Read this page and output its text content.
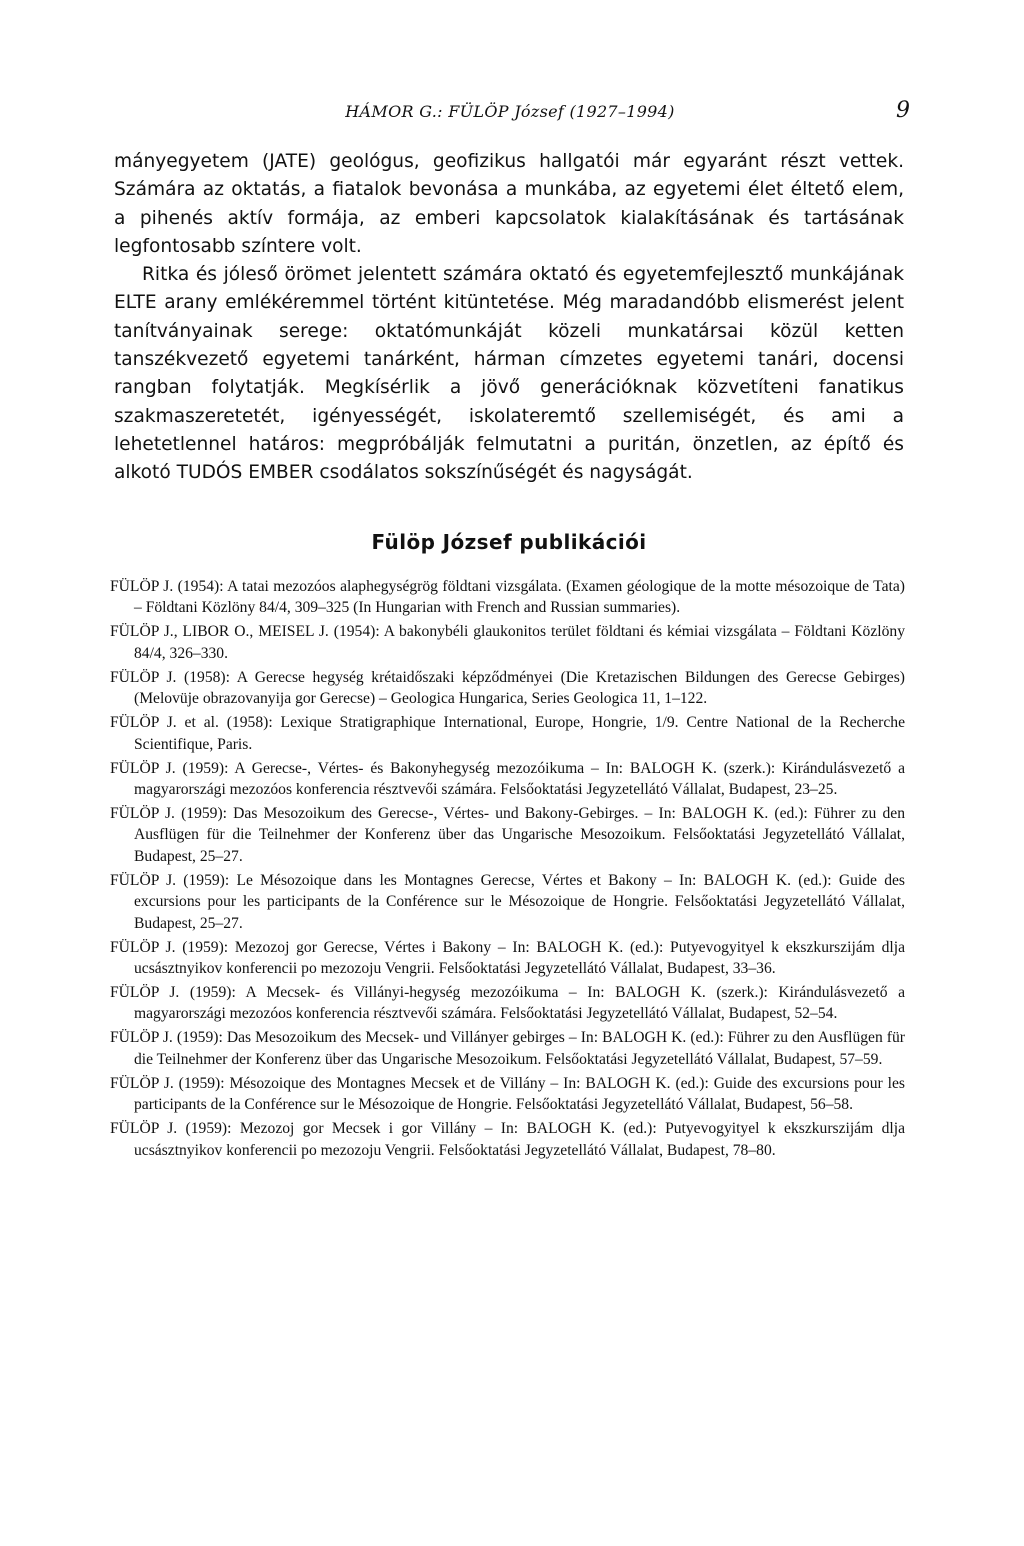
HÁMOR G.: FÜLÖP József (1927–1994)	9

mányegyetem (JATE) geológus, geofizikus hallgatói már egyaránt részt vettek. Számára az oktatás, a fiatalok bevonása a munkába, az egyetemi élet éltető elem, a pihenés aktív formája, az emberi kapcsolatok kialakításának és tartásának legfontosabb színtere volt.

Ritka és jóleső örömet jelentett számára oktató és egyetemfejlesztő munkájának ELTE arany emlékéremmel történt kitüntetése. Még maradandóbb elismerést jelent tanítványainak serege: oktatómunkáját közeli munkatársai közül ketten tanszékvezető egyetemi tanárként, hárman címzetes egyetemi tanári, docensi rangban folytatják. Megkísérlik a jövő generációknak közvetíteni fanatikus szakmaszeretetét, igényességét, iskolateremtő szellemiségét, és ami a lehetetlennel határos: megpróbálják felmutatni a puritán, önzetlen, az építő és alkotó TUDÓS EMBER csodálatos sokszínűségét és nagyságát.

Fülöp József publikációi

FÜLÖP J. (1954): A tatai mezozóos alaphegységrög földtani vizsgálata. (Examen géologique de la motte mésozoique de Tata) – Földtani Közlöny 84/4, 309–325 (In Hungarian with French and Russian summaries).

FÜLÖP J., LIBOR O., MEISEL J. (1954): A bakonybéli glaukonitos terület földtani és kémiai vizsgálata – Földtani Közlöny 84/4, 326–330.

FÜLÖP J. (1958): A Gerecse hegység krétaidőszaki képződményei (Die Kretazischen Bildungen des Gerecse Gebirges) (Melovüje obrazovanyija gor Gerecse) – Geologica Hungarica, Series Geologica 11, 1–122.

FÜLÖP J. et al. (1958): Lexique Stratigraphique International, Europe, Hongrie, 1/9. Centre National de la Recherche Scientifique, Paris.

FÜLÖP J. (1959): A Gerecse-, Vértes- és Bakonyhegység mezozóikuma – In: BALOGH K. (szerk.): Kirándulásvezető a magyarországi mezozóos konferencia résztvevői számára. Felsőoktatási Jegyzetellátó Vállalat, Budapest, 23–25.

FÜLÖP J. (1959): Das Mesozoikum des Gerecse-, Vértes- und Bakony-Gebirges. – In: BALOGH K. (ed.): Führer zu den Ausflügen für die Teilnehmer der Konferenz über das Ungarische Mesozoikum. Felsőoktatási Jegyzetellátó Vállalat, Budapest, 25–27.

FÜLÖP J. (1959): Le Mésozoique dans les Montagnes Gerecse, Vértes et Bakony – In: BALOGH K. (ed.): Guide des excursions pour les participants de la Conférence sur le Mésozoique de Hongrie. Felsőoktatási Jegyzetellátó Vállalat, Budapest, 25–27.

FÜLÖP J. (1959): Mezozoj gor Gerecse, Vértes i Bakony – In: BALOGH K. (ed.): Putyevogyityel k ekszkurszijám dlja ucsásztnyikov konferencii po mezozoju Vengrii. Felsőoktatási Jegyzetellátó Vállalat, Budapest, 33–36.

FÜLÖP J. (1959): A Mecsek- és Villányi-hegység mezozóikuma – In: BALOGH K. (szerk.): Kirándulásvezető a magyarországi mezozóos konferencia résztvevői számára. Felsőoktatási Jegyzetellátó Vállalat, Budapest, 52–54.

FÜLÖP J. (1959): Das Mesozoikum des Mecsek- und Villányer gebirges – In: BALOGH K. (ed.): Führer zu den Ausflügen für die Teilnehmer der Konferenz über das Ungarische Mesozoikum. Felsőoktatási Jegyzetellátó Vállalat, Budapest, 57–59.

FÜLÖP J. (1959): Mésozoique des Montagnes Mecsek et de Villány – In: BALOGH K. (ed.): Guide des excursions pour les participants de la Conférence sur le Mésozoique de Hongrie. Felsőoktatási Jegyzetellátó Vállalat, Budapest, 56–58.

FÜLÖP J. (1959): Mezozoj gor Mecsek i gor Villány – In: BALOGH K. (ed.): Putyevogyityel k ekszkurszijám dlja ucsásztnyikov konferencii po mezozoju Vengrii. Felsőoktatási Jegyzetellátó Vállalat, Budapest, 78–80.
